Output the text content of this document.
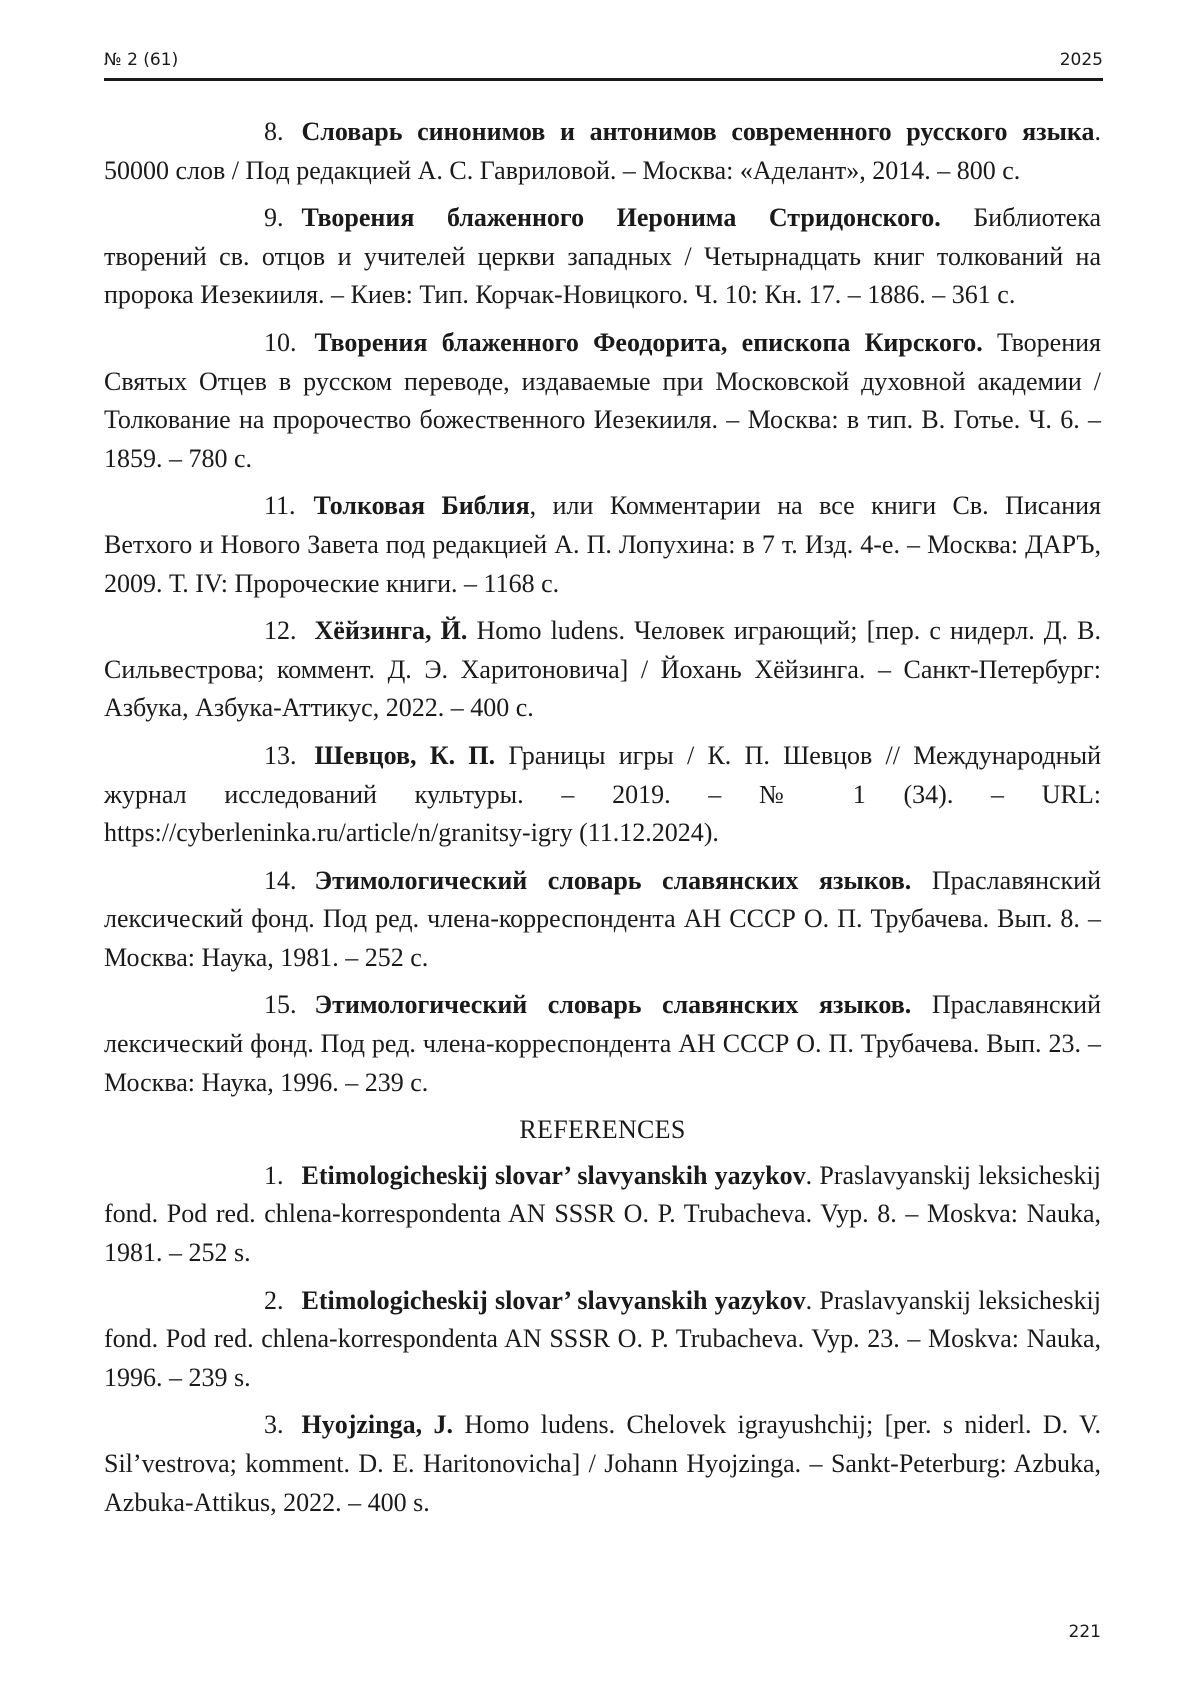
№ 2 (61)	2025

8. Словарь синонимов и антонимов современного русского языка. 50000 слов / Под редакцией А. С. Гавриловой. – Москва: «Аделант», 2014. – 800 с.

9. Творения блаженного Иеронима Стридонского. Библиотека творений св. отцов и учителей церкви западных / Четырнадцать книг толкований на пророка Иезекииля. – Киев: Тип. Корчак-Новицкого. Ч. 10: Кн. 17. – 1886. – 361 с.

10. Творения блаженного Феодорита, епископа Кирского. Творения Святых Отцев в русском переводе, издаваемые при Московской духовной академии / Толкование на пророчество божественного Иезекииля. – Москва: в тип. В. Готье. Ч. 6. – 1859. – 780 с.

11. Толковая Библия, или Комментарии на все книги Св. Писания Ветхого и Нового Завета под редакцией А. П. Лопухина: в 7 т. Изд. 4-е. – Москва: ДАРЪ, 2009. Т. IV: Пророческие книги. – 1168 с.

12. Хёйзинга, Й. Homo ludens. Человек играющий; [пер. с нидерл. Д. В. Сильвестрова; коммент. Д. Э. Харитоновича] / Йохань Хёйзинга. – Санкт-Петербург: Азбука, Азбука-Аттикус, 2022. – 400 с.

13. Шевцов, К. П. Границы игры / К. П. Шевцов // Международный журнал исследований культуры. – 2019. – № 1 (34). – URL: https://cyberleninka.ru/article/n/granitsy-igry (11.12.2024).

14. Этимологический словарь славянских языков. Праславянский лексический фонд. Под ред. члена-корреспондента АН СССР О. П. Трубачева. Вып. 8. – Москва: Наука, 1981. – 252 с.

15. Этимологический словарь славянских языков. Праславянский лексический фонд. Под ред. члена-корреспондента АН СССР О. П. Трубачева. Вып. 23. – Москва: Наука, 1996. – 239 с.

REFERENCES

1. Etimologicheskij slovar’ slavyanskih yazykov. Praslavyanskij leksicheskij fond. Pod red. chlena-korrespondenta AN SSSR O. P. Trubacheva. Vyp. 8. – Moskva: Nauka, 1981. – 252 s.

2. Etimologicheskij slovar’ slavyanskih yazykov. Praslavyanskij leksicheskij fond. Pod red. chlena-korrespondenta AN SSSR O. P. Trubacheva. Vyp. 23. – Moskva: Nauka, 1996. – 239 s.

3. Hyojzinga, J. Homo ludens. Chelovek igrayushchij; [per. s niderl. D. V. Sil’vestrova; komment. D. E. Haritonovicha] / Johann Hyojzinga. – Sankt-Peterburg: Azbuka, Azbuka-Attikus, 2022. – 400 s.

221
